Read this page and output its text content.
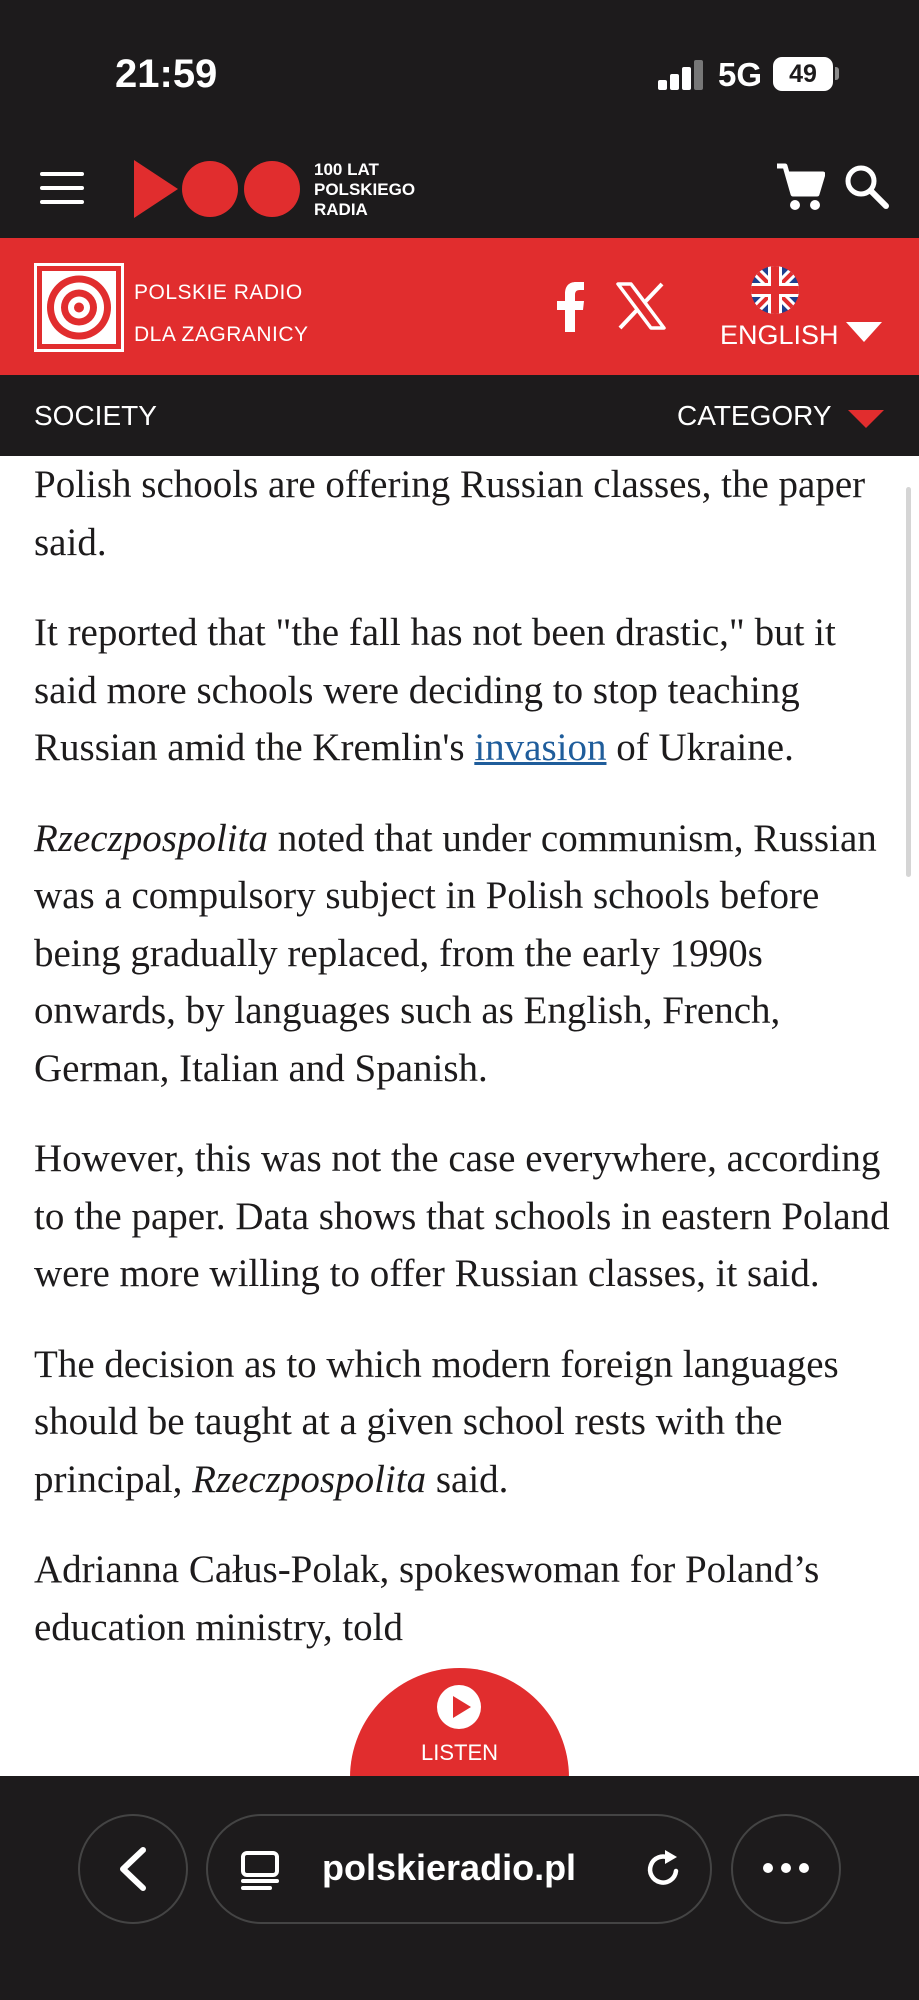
21:59	5G	49
100 LAT
POLSKIEGO
RADIA
POLSKIE RADIO
DLA ZAGRANICY	ENGLISH
SOCIETY	CATEGORY

Polish schools are offering Russian classes, the paper said.

It reported that "the fall has not been drastic," but it said more schools were deciding to stop teaching Russian amid the Kremlin's invasion of Ukraine.

Rzeczpospolita noted that under communism, Russian was a compulsory subject in Polish schools before being gradually replaced, from the early 1990s onwards, by languages such as English, French, German, Italian and Spanish.

However, this was not the case everywhere, according to the paper. Data shows that schools in eastern Poland were more willing to offer Russian classes, it said.

The decision as to which modern foreign languages should be taught at a given school rests with the principal, Rzeczpospolita said.

Adrianna Całus-Polak, spokeswoman for Poland’s education ministry, told

LISTEN
polskieradio.pl
